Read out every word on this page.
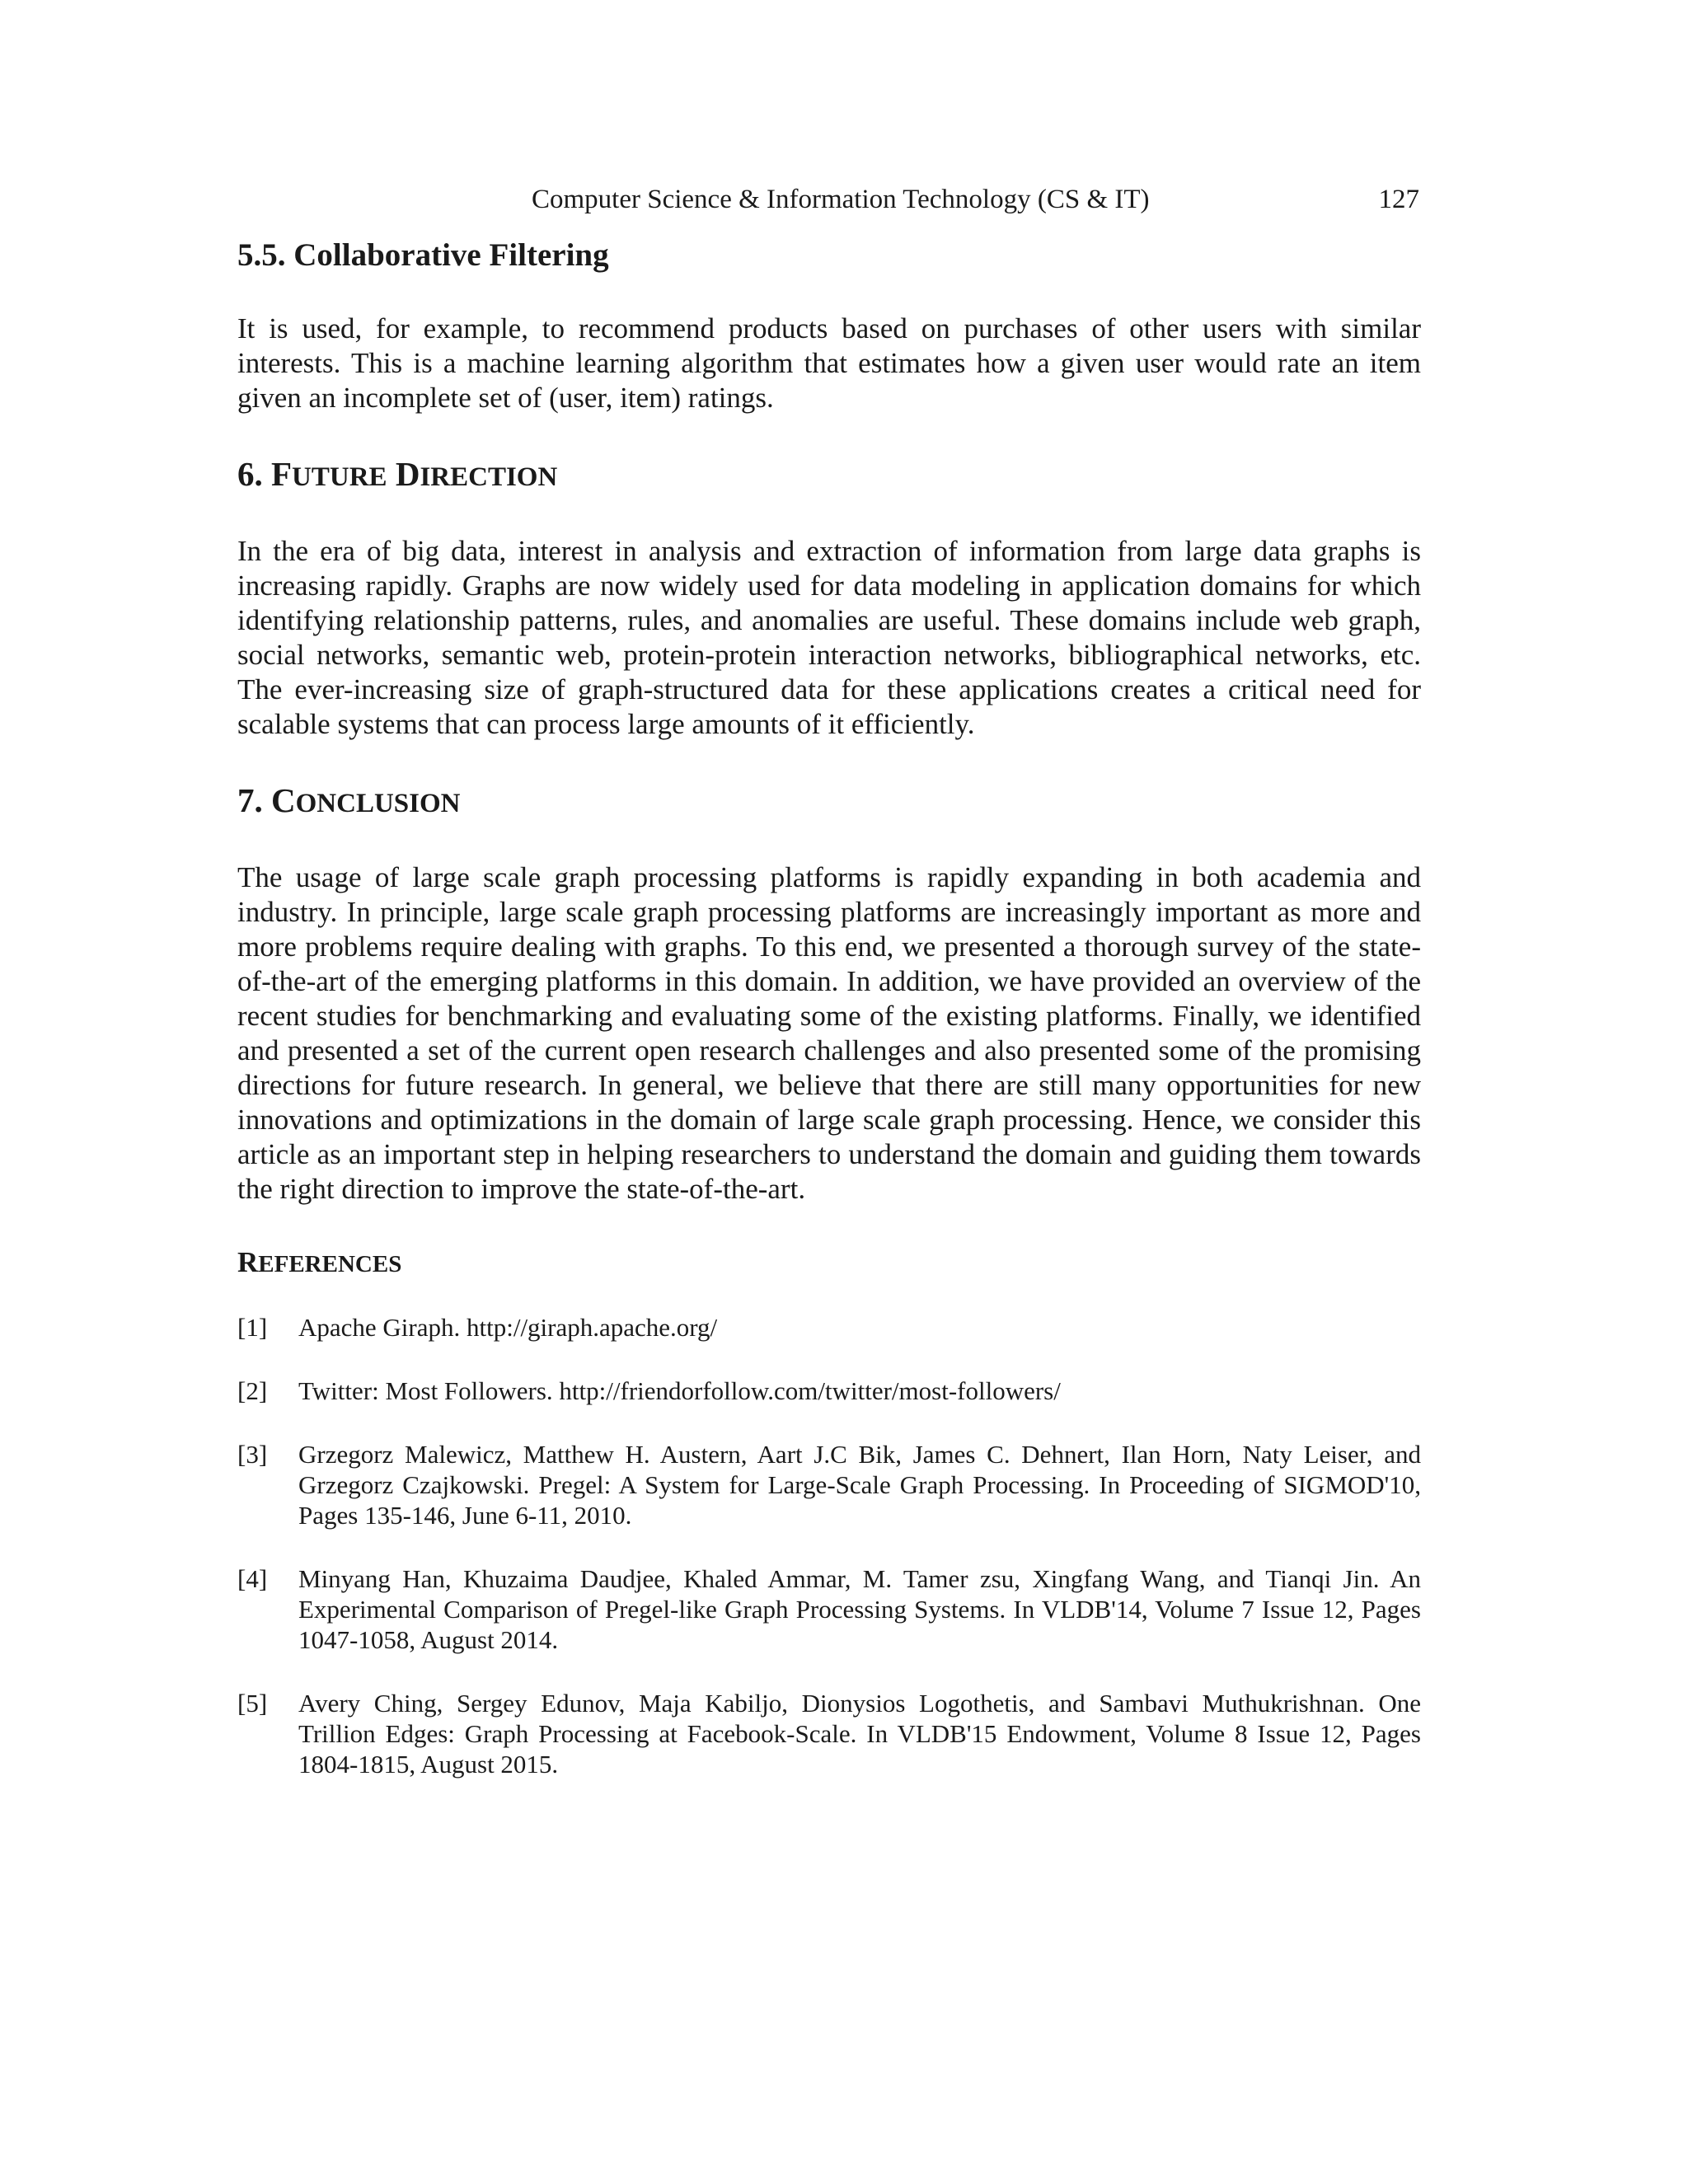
Computer Science & Information Technology (CS & IT)	127
5.5. Collaborative Filtering

It is used, for example, to recommend products based on purchases of other users with similar interests. This is a machine learning algorithm that estimates how a given user would rate an item given an incomplete set of (user, item) ratings.

6. FUTURE DIRECTION

In the era of big data, interest in analysis and extraction of information from large data graphs is increasing rapidly. Graphs are now widely used for data modeling in application domains for which identifying relationship patterns, rules, and anomalies are useful. These domains include web graph, social networks, semantic web, protein-protein interaction networks, bibliographical networks, etc. The ever-increasing size of graph-structured data for these applications creates a critical need for scalable systems that can process large amounts of it efficiently.

7. CONCLUSION

The usage of large scale graph processing platforms is rapidly expanding in both academia and industry. In principle, large scale graph processing platforms are increasingly important as more and more problems require dealing with graphs. To this end, we presented a thorough survey of the state-of-the-art of the emerging platforms in this domain. In addition, we have provided an overview of the recent studies for benchmarking and evaluating some of the existing platforms. Finally, we identified and presented a set of the current open research challenges and also presented some of the promising directions for future research. In general, we believe that there are still many opportunities for new innovations and optimizations in the domain of large scale graph processing. Hence, we consider this article as an important step in helping researchers to understand the domain and guiding them towards the right direction to improve the state-of-the-art.

REFERENCES
[1]	Apache Giraph. http://giraph.apache.org/
[2]	Twitter: Most Followers. http://friendorfollow.com/twitter/most-followers/
[3]	Grzegorz Malewicz, Matthew H. Austern, Aart J.C Bik, James C. Dehnert, Ilan Horn, Naty Leiser, and Grzegorz Czajkowski. Pregel: A System for Large-Scale Graph Processing. In Proceeding of SIGMOD'10, Pages 135-146, June 6-11, 2010.
[4]	Minyang Han, Khuzaima Daudjee, Khaled Ammar, M. Tamer zsu, Xingfang Wang, and Tianqi Jin. An Experimental Comparison of Pregel-like Graph Processing Systems. In VLDB'14, Volume 7 Issue 12, Pages 1047-1058, August 2014.
[5]	Avery Ching, Sergey Edunov, Maja Kabiljo, Dionysios Logothetis, and Sambavi Muthukrishnan. One Trillion Edges: Graph Processing at Facebook-Scale. In VLDB'15 Endowment, Volume 8 Issue 12, Pages 1804-1815, August 2015.
